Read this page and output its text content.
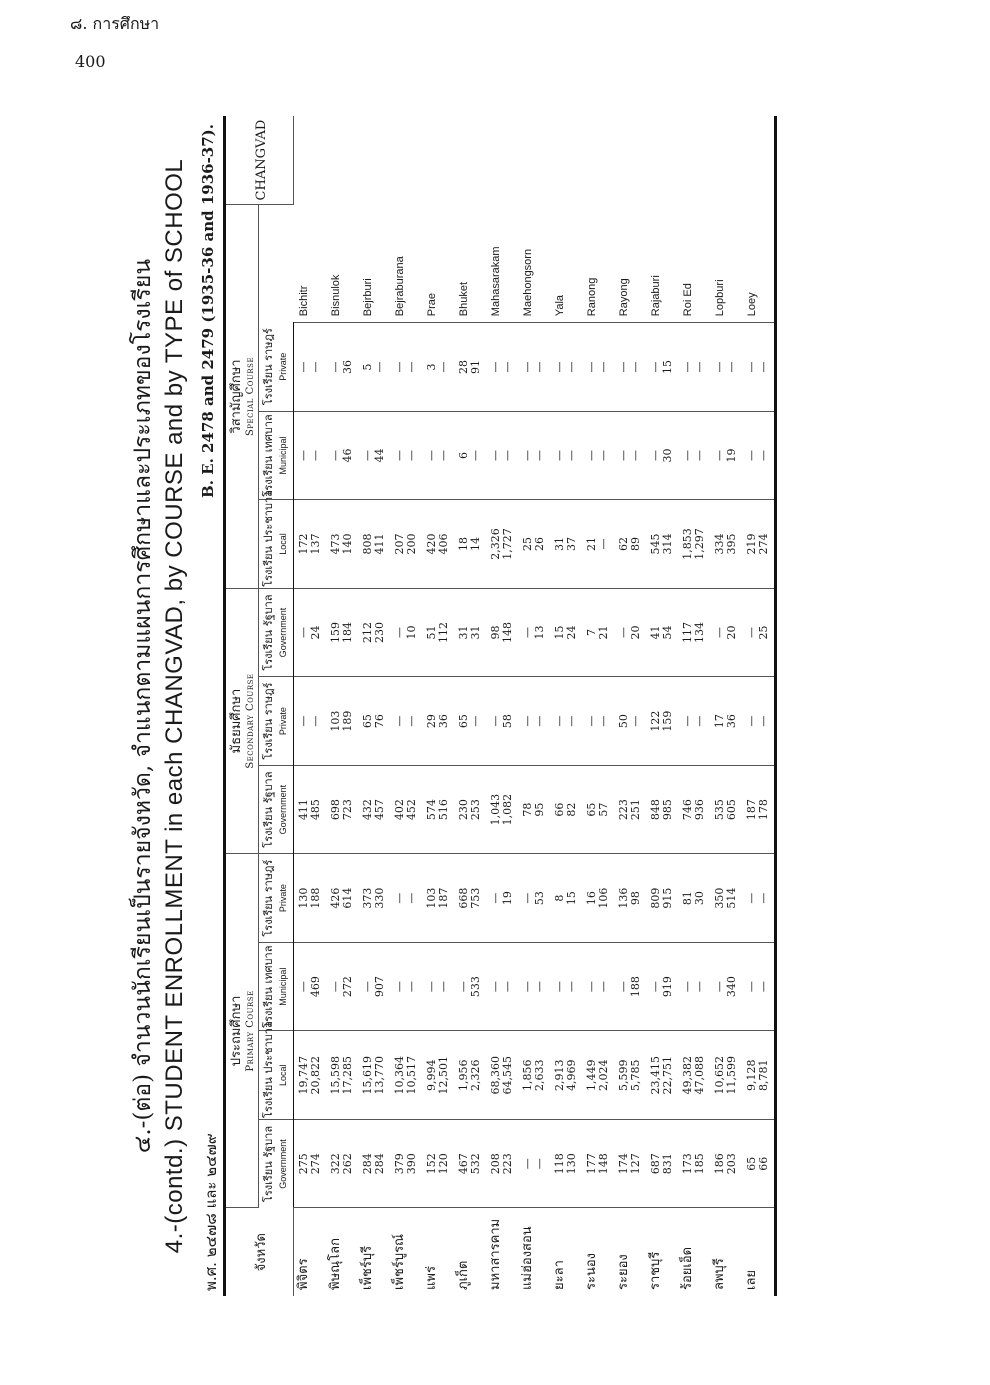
๘. การศึกษา
400
๔.-(ต่อ) จำนวนนักเรียนเป็นรายจังหวัด, จำแนกตามแผนการศึกษาและประเภทของโรงเรียน 4.-(contd.) STUDENT ENROLLMENT in each CHANGVAD, by COURSE and by TYPE of SCHOOL พ.ศ. ๒๔๗๘ และ ๒๔๗๙
B. E. 2478 and 2479 (1935-36 and 1936-37).
จังหวัด	ประถมศึกษา Primary Course				มัธยมศึกษา Secondary Course			วิสามัญศึกษา Special Course				CHANGVAD

	โรงเรียน รัฐบาล Government	โรงเรียน ประชาบาล Local	โรงเรียน เทศบาล Municipal	โรงเรียน ราษฎร์ Private	โรงเรียน รัฐบาล Government	โรงเรียน ราษฎร์ Private	โรงเรียน รัฐบาล Government	โรงเรียน ประชาบาล Local	โรงเรียน เทศบาล Municipal	โรงเรียน ราษฎร์ Private		

พิจิตร	275 274	19,747 20,822	— 469	130 188	411 485	— —	— 24	172 137	— —	— —	Bichitr	
พิษณุโลก	322 262	15,598 17,285	— 272	426 614	698 723	103 189	159 184	473 140	— 46	— 36	Bisnulok	
เพ็ชร์บุรี	284 284	15,619 13,770	— 907	373 330	432 457	65 76	212 230	808 411	— 44	5 —	Bejrburi	
เพ็ชร์บูรณ์	379 390	10,364 10,517	— —	— —	402 452	— —	— 10	207 200	— —	— —	Bejraburana	
แพร่	152 120	9,994 12,501	— —	103 187	574 516	29 36	51 112	420 406	— —	3 —	Prae	
ภูเก็ต	467 532	1,956 2,326	— 533	668 753	230 253	65 —	31 31	18 14	6 —	28 91	Bhuket	
มหาสารคาม	208 223	68,360 64,545	— —	— 19	1,043 1,082	— 58	98 148	2,326 1,727	— —	— —	Mahasarakam	
แม่ฮ่องสอน	— —	1,856 2,633	— —	— 53	78 95	— —	— 13	25 26	— —	— —	Maehongsorn	
ยะลา	118 130	2,913 4,969	— —	8 15	66 82	— —	15 24	31 37	— —	— —	Yala	
ระนอง	177 148	1,449 2,024	— —	16 106	65 57	— —	7 21	21 —	— —	— —	Ranong	
ระยอง	174 127	5,599 5,785	— 188	136 98	223 251	50 —	— 20	62 89	— —	— —	Rayong	
ราชบุรี	687 831	23,415 22,751	— 919	809 915	848 985	122 159	41 54	545 314	— 30	— 15	Rajaburi	
ร้อยเอ็ด	173 185	49,382 47,088	— —	81 30	746 936	— —	117 134	1,853 1,297	— —	— —	Roi Ed	
ลพบุรี	186 203	10,652 11,599	— 340	350 514	535 605	17 36	— 20	334 395	— 19	— —	Lopburi	
เลย	65 66	9,128 8,781	— —	— —	187 178	— —	— 25	219 274	— —	— —	Loey	
